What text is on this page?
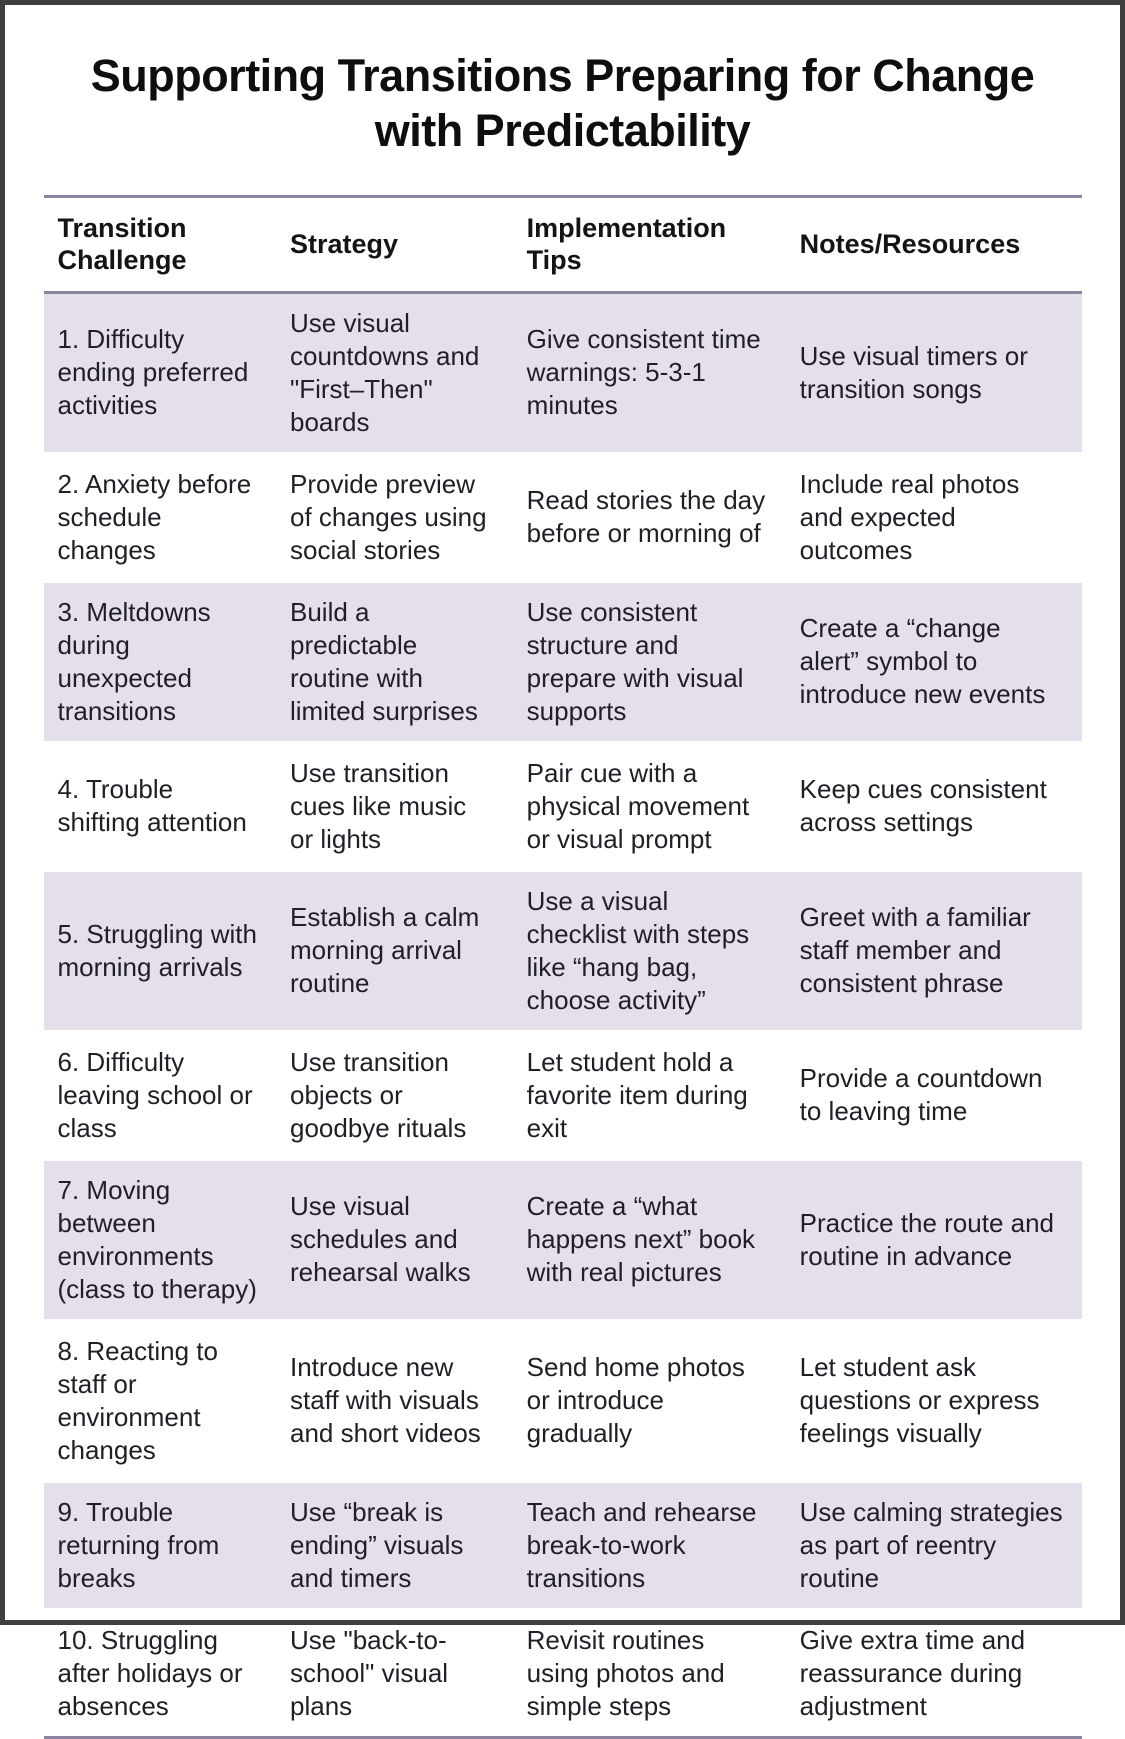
Supporting Transitions Preparing for Change with Predictability
Transition Challenge	Strategy	Implementation Tips	Notes/Resources
1. Difficulty ending preferred activities	Use visual countdowns and "First–Then" boards	Give consistent time warnings: 5-3-1 minutes	Use visual timers or transition songs
2. Anxiety before schedule changes	Provide preview of changes using social stories	Read stories the day before or morning of	Include real photos and expected outcomes
3. Meltdowns during unexpected transitions	Build a predictable routine with limited surprises	Use consistent structure and prepare with visual supports	Create a “change alert” symbol to introduce new events
4. Trouble shifting attention	Use transition cues like music or lights	Pair cue with a physical movement or visual prompt	Keep cues consistent across settings
5. Struggling with morning arrivals	Establish a calm morning arrival routine	Use a visual checklist with steps like “hang bag, choose activity”	Greet with a familiar staff member and consistent phrase
6. Difficulty leaving school or class	Use transition objects or goodbye rituals	Let student hold a favorite item during exit	Provide a countdown to leaving time
7. Moving between environments (class to therapy)	Use visual schedules and rehearsal walks	Create a “what happens next” book with real pictures	Practice the route and routine in advance
8. Reacting to staff or environment changes	Introduce new staff with visuals and short videos	Send home photos or introduce gradually	Let student ask questions or express feelings visually
9. Trouble returning from breaks	Use “break is ending” visuals and timers	Teach and rehearse break-to-work transitions	Use calming strategies as part of reentry routine
10. Struggling after holidays or absences	Use "back-to-school" visual plans	Revisit routines using photos and simple steps	Give extra time and reassurance during adjustment
